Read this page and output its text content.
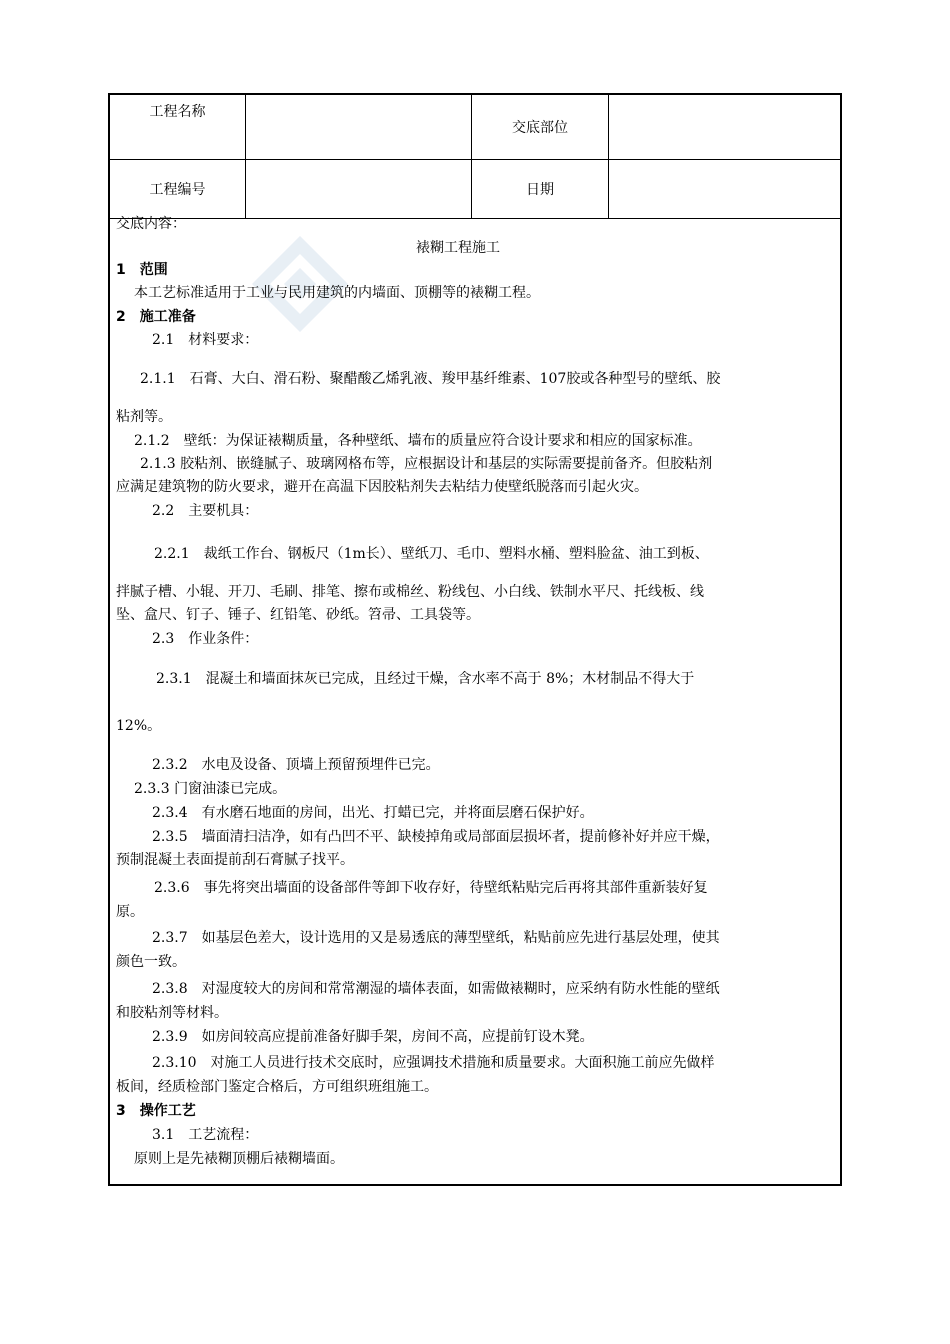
工程名称		交底部位	
工程编号		日期	

交底内容：

裱糊工程施工

1　范围

本工艺标准适用于工业与民用建筑的内墙面、顶棚等的裱糊工程。

2　施工准备

2.1　材料要求：

2.1.1　石膏、大白、滑石粉、聚醋酸乙烯乳液、羧甲基纤维素、107胶或各种型号的壁纸、胶

粘剂等。

2.1.2　壁纸：为保证裱糊质量，各种壁纸、墙布的质量应符合设计要求和相应的国家标准。

2.1.3 胶粘剂、嵌缝腻子、玻璃网格布等，应根据设计和基层的实际需要提前备齐。但胶粘剂

应满足建筑物的防火要求，避开在高温下因胶粘剂失去粘结力使壁纸脱落而引起火灾。

2.2　主要机具：

2.2.1　裁纸工作台、钢板尺（1m长）、壁纸刀、毛巾、塑料水桶、塑料脸盆、油工到板、

拌腻子槽、小辊、开刀、毛刷、排笔、擦布或棉丝、粉线包、小白线、铁制水平尺、托线板、线

坠、盒尺、钉子、锤子、红铅笔、砂纸。笤帚、工具袋等。

2.3　作业条件：

2.3.1　混凝土和墙面抹灰已完成，且经过干燥，含水率不高于 8%；木材制品不得大于

12%。

2.3.2　水电及设备、顶墙上预留预埋件已完。

2.3.3 门窗油漆已完成。

2.3.4　有水磨石地面的房间，出光、打蜡已完，并将面层磨石保护好。

2.3.5　墙面清扫洁净，如有凸凹不平、缺棱掉角或局部面层损坏者，提前修补好并应干燥，

预制混凝土表面提前刮石膏腻子找平。

2.3.6　事先将突出墙面的设备部件等卸下收存好，待壁纸粘贴完后再将其部件重新装好复

原。

2.3.7　如基层色差大，设计选用的又是易透底的薄型壁纸，粘贴前应先进行基层处理，使其

颜色一致。

2.3.8　对湿度较大的房间和常常潮湿的墙体表面，如需做裱糊时，应采纳有防水性能的壁纸

和胶粘剂等材料。

2.3.9　如房间较高应提前准备好脚手架，房间不高，应提前钉设木凳。

2.3.10　对施工人员进行技术交底时，应强调技术措施和质量要求。大面积施工前应先做样

板间，经质检部门鉴定合格后，方可组织班组施工。

3　操作工艺

3.1　工艺流程：

原则上是先裱糊顶棚后裱糊墙面。
